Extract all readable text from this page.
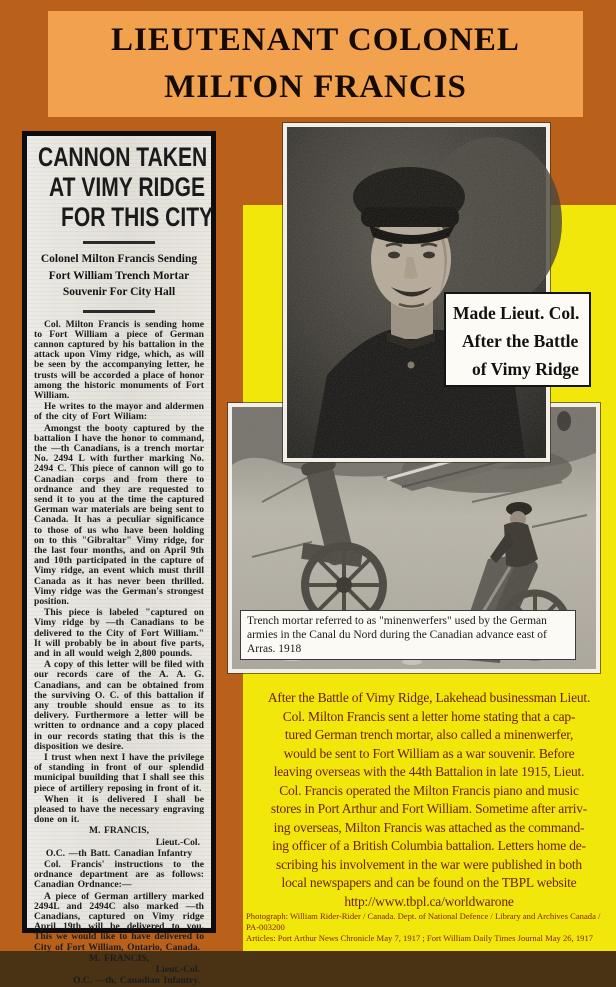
LIEUTENANT COLONEL
MILTON FRANCIS
CANNON TAKEN
AT VIMY RIDGE
FOR THIS CITY
Colonel Milton Francis Sending
Fort William Trench Mortar
Souvenir For City Hall
Col. Milton Francis is sending home to Fort William a piece of German cannon captured by his battalion in the attack upon Vimy ridge, which, as will be seen by the accompanying letter, he trusts will be accorded a place of honor among the historic monuments of Fort William.
He writes to the mayor and aldermen of the city of Fort Wiliam:
Amongst the booty captured by the battalion I have the honor to command, the —th Canadians, is a trench mortar No. 2494 L with further marking No. 2494 C. This piece of cannon will go to Canadian corps and from there to ordnance and they are requested to send it to you at the time the captured German war materials are being sent to Canada. It has a peculiar significance to those of us who have been holding on to this "Gibraltar" Vimy ridge, for the last four months, and on April 9th and 10th participated in the capture of Vimy ridge, an event which must thrill Canada as it has never been thrilled. Vimy ridge was the German's strongest position.
This piece is labeled "captured on Vimy ridge by —th Canadians to be delivered to the City of Fort William." It will probably be in about five parts, and in all would weigh 2,800 pounds.
A copy of this letter will be filed with our records care of the A. A. G. Canadians, and can be obtained from the surviving O. C. of this battalion if any trouble should ensue as to its delivery. Furthermore a letter will be written to ordnance and a copy placed in our records stating that this is the disposition we desire.
I trust when next I have the privilege of standing in front of our splendid municipal buuilding that I shall see this piece of artillery reposing in front of it.
When it is delivered I shall be pleased to have the necessary engraving done on it.
M. FRANCIS,
Lieut.-Col.
O.C. —th Batt. Canadian Infantry
Col. Francis' instructions to the ordnance department are as follows: Canadian Ordnance:—
A piece of German artillery marked 2494L and 2494C also marked —th Canadians, captured on Vimy ridge April 19th will be delivered to you. This we would like to have delivered to City of Fort William, Ontario, Canada.
M. FRANCIS,
Lieut.-Col.
O.C. —th, Canadian Infantry.
Trench mortar referred to as "minenwerfers" used by the German armies in the Canal du Nord during the Canadian advance east of Arras. 1918
Made Lieut. Col.
After the Battle
of Vimy Ridge
After the Battle of Vimy Ridge, Lakehead businessman Lieut.
Col. Milton Francis sent a letter home stating that a cap-
tured German trench mortar, also called a minenwerfer,
would be sent to Fort William as a war souvenir. Before
leaving overseas with the 44th Battalion in late 1915, Lieut.
Col. Francis operated the Milton Francis piano and music
stores in Port Arthur and Fort William. Sometime after arriv-
ing overseas, Milton Francis was attached as the command-
ing officer of a British Columbia battalion. Letters home de-
scribing his involvement in the war were published in both
local newspapers and can be found on the TBPL website
http://www.tbpl.ca/worldwarone
Photograph: William Rider-Rider / Canada. Dept. of National Defence / Library and Archives Canada /
PA-003200
Articles: Port Arthur News Chronicle May 7, 1917 ; Fort William Daily Times Journal May 26, 1917
